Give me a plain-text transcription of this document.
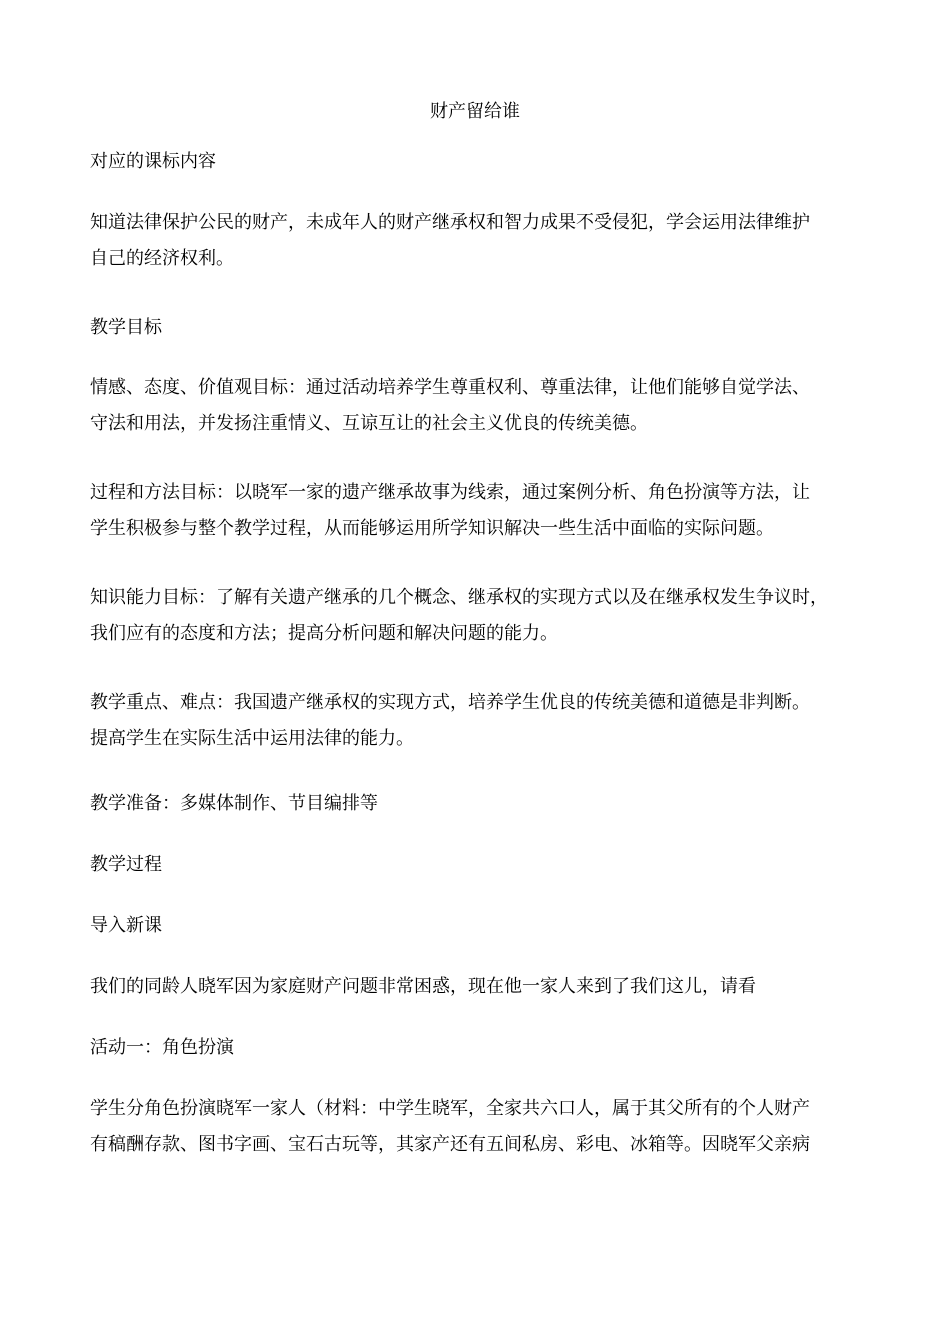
财产留给谁
对应的课标内容
知道法律保护公民的财产，未成年人的财产继承权和智力成果不受侵犯，学会运用法律维护
自己的经济权利。
教学目标
情感、态度、价值观目标：通过活动培养学生尊重权利、尊重法律，让他们能够自觉学法、
守法和用法，并发扬注重情义、互谅互让的社会主义优良的传统美德。
过程和方法目标：以晓军一家的遗产继承故事为线索，通过案例分析、角色扮演等方法，让
学生积极参与整个教学过程，从而能够运用所学知识解决一些生活中面临的实际问题。
知识能力目标：了解有关遗产继承的几个概念、继承权的实现方式以及在继承权发生争议时，
我们应有的态度和方法；提高分析问题和解决问题的能力。
教学重点、难点：我国遗产继承权的实现方式，培养学生优良的传统美德和道德是非判断。
提高学生在实际生活中运用法律的能力。
教学准备：多媒体制作、节目编排等
教学过程
导入新课
我们的同龄人晓军因为家庭财产问题非常困惑，现在他一家人来到了我们这儿，请看
活动一：角色扮演
学生分角色扮演晓军一家人（材料：中学生晓军，全家共六口人，属于其父所有的个人财产
有稿酬存款、图书字画、宝石古玩等，其家产还有五间私房、彩电、冰箱等。因晓军父亲病
